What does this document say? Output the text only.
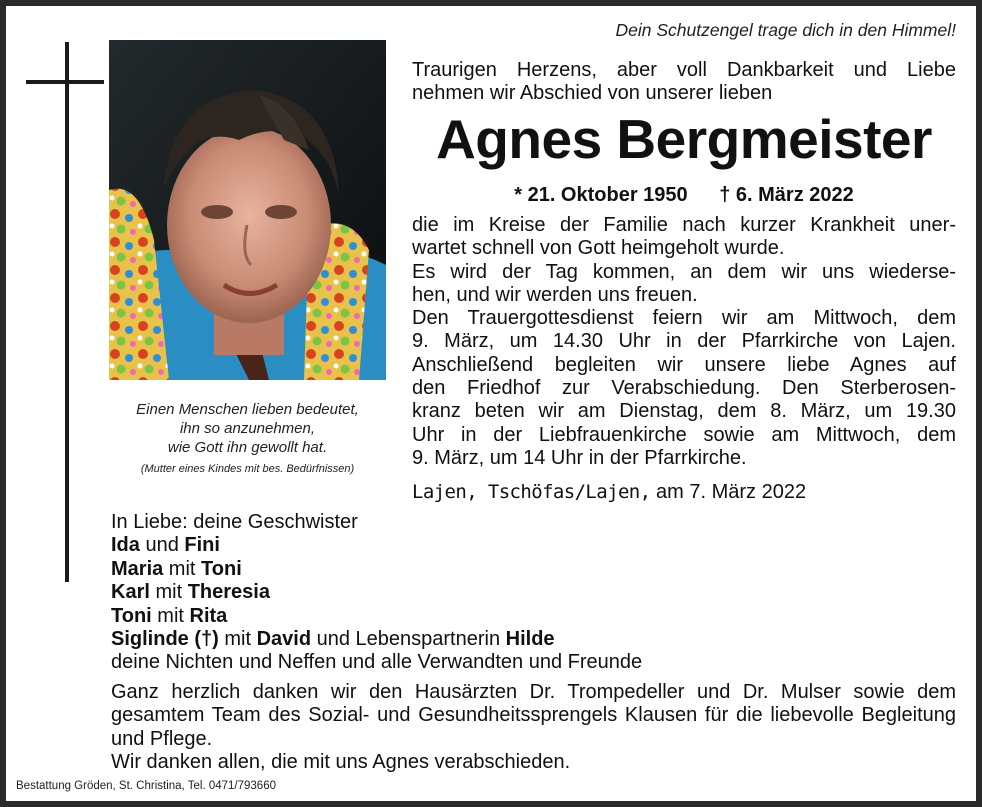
Einen Menschen lieben bedeutet,
ihn so anzunehmen,
wie Gott ihn gewollt hat.
(Mutter eines Kindes mit bes. Bedürfnissen)
Dein Schutzengel trage dich in den Himmel!
Traurigen Herzens, aber voll Dankbarkeit und Liebe
nehmen wir Abschied von unserer lieben
Agnes Bergmeister
* 21. Oktober 1950 † 6. März 2022
die im Kreise der Familie nach kurzer Krankheit uner-
wartet schnell von Gott heimgeholt wurde.
Es wird der Tag kommen, an dem wir uns wiederse-
hen, und wir werden uns freuen.
Den Trauergottesdienst feiern wir am Mittwoch, dem
9. März, um 14.30 Uhr in der Pfarrkirche von Lajen.
Anschließend begleiten wir unsere liebe Agnes auf
den Friedhof zur Verabschiedung. Den Sterberosen-
kranz beten wir am Dienstag, dem 8. März, um 19.30
Uhr in der Liebfrauenkirche sowie am Mittwoch, dem
9. März, um 14 Uhr in der Pfarrkirche.
Lajen, Tschöfas/Lajen, am 7. März 2022
In Liebe: deine Geschwister
Ida und Fini
Maria mit Toni
Karl mit Theresia
Toni mit Rita
Siglinde (†) mit David und Lebenspartnerin Hilde
deine Nichten und Neffen und alle Verwandten und Freunde
Ganz herzlich danken wir den Hausärzten Dr. Trompedeller und Dr. Mulser sowie dem gesamtem Team des Sozial- und Gesundheitssprengels Klausen für die liebevolle Begleitung und Pflege.
Wir danken allen, die mit uns Agnes verabschieden.
Bestattung Gröden, St. Christina, Tel. 0471/793660
